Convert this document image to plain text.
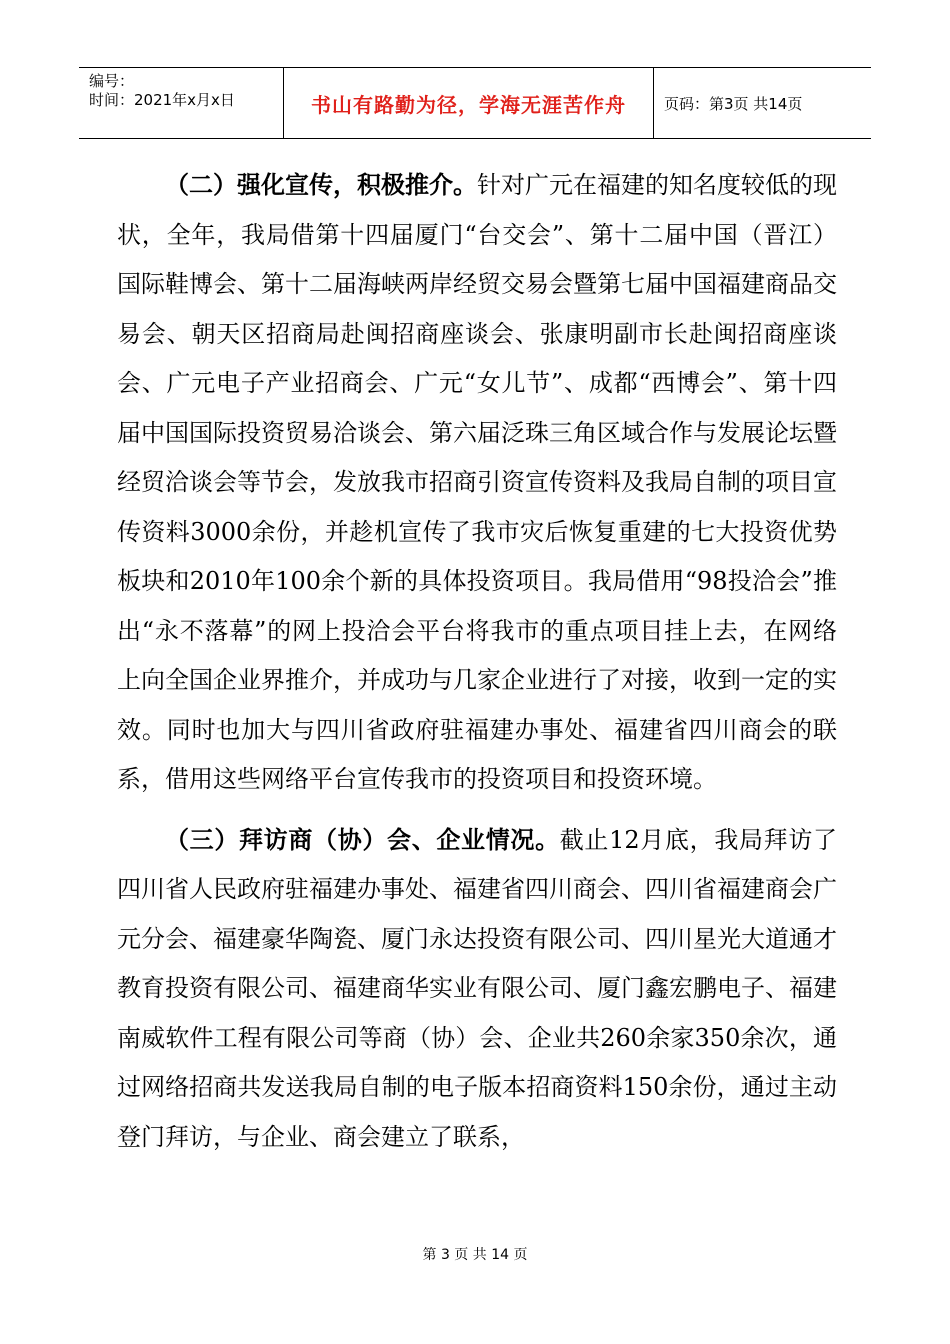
编号：
时间：2021年x月x日	书山有路勤为径，学海无涯苦作舟	页码：第3页 共14页

（二）强化宣传，积极推介。针对广元在福建的知名度较低的现状，全年，我局借第十四届厦门“台交会”、第十二届中国（晋江）国际鞋博会、第十二届海峡两岸经贸交易会暨第七届中国福建商品交易会、朝天区招商局赴闽招商座谈会、张康明副市长赴闽招商座谈会、广元电子产业招商会、广元“女儿节”、成都“西博会”、第十四届中国国际投资贸易洽谈会、第六届泛珠三角区域合作与发展论坛暨经贸洽谈会等节会，发放我市招商引资宣传资料及我局自制的项目宣传资料3000余份，并趁机宣传了我市灾后恢复重建的七大投资优势板块和2010年100余个新的具体投资项目。我局借用“98投洽会”推出“永不落幕”的网上投洽会平台将我市的重点项目挂上去，在网络上向全国企业界推介，并成功与几家企业进行了对接，收到一定的实效。同时也加大与四川省政府驻福建办事处、福建省四川商会的联系，借用这些网络平台宣传我市的投资项目和投资环境。

（三）拜访商（协）会、企业情况。截止12月底，我局拜访了四川省人民政府驻福建办事处、福建省四川商会、四川省福建商会广元分会、福建豪华陶瓷、厦门永达投资有限公司、四川星光大道通才教育投资有限公司、福建商华实业有限公司、厦门鑫宏鹏电子、福建南威软件工程有限公司等商（协）会、企业共260余家350余次，通过网络招商共发送我局自制的电子版本招商资料150余份，通过主动登门拜访，与企业、商会建立了联系，

第 3 页 共 14 页
